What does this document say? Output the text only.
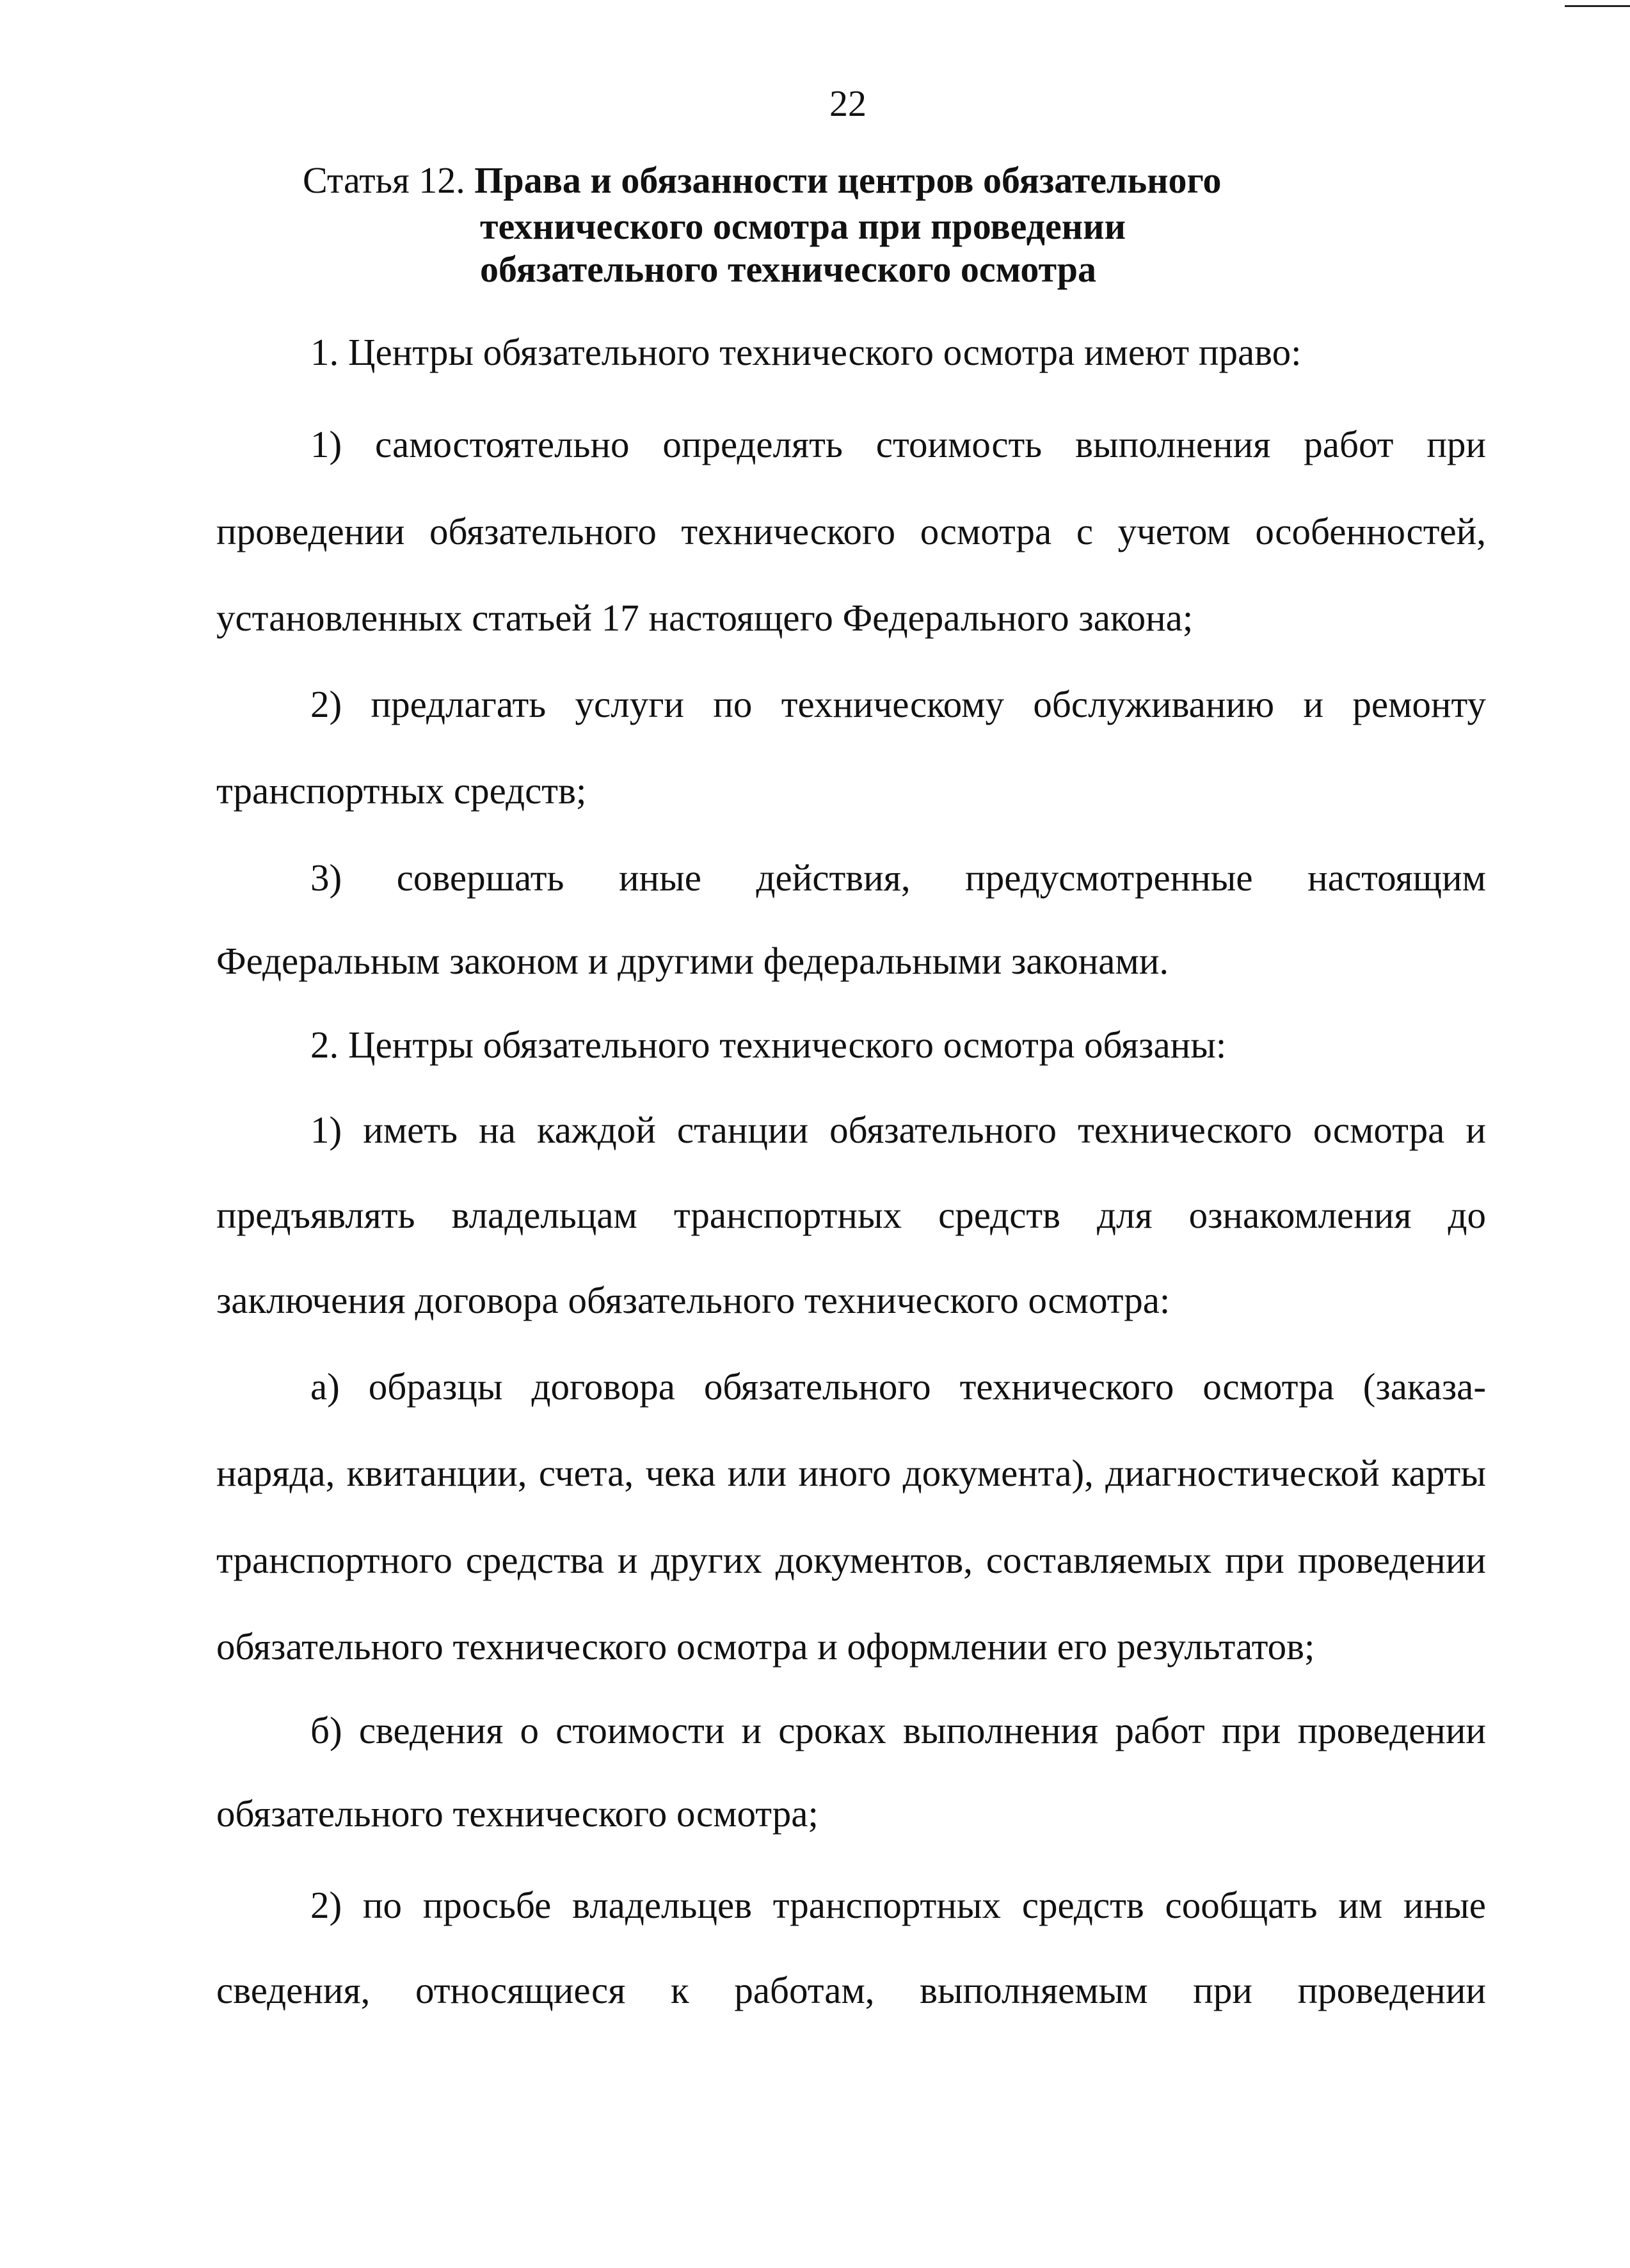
22
Статья 12. Права и обязанности центров обязательного
технического осмотра при проведении
обязательного технического осмотра
1. Центры обязательного технического осмотра имеют право:
1) самостоятельно определять стоимость выполнения работ при
проведении обязательного технического осмотра с учетом особенностей,
установленных статьей 17 настоящего Федерального закона;
2) предлагать услуги по техническому обслуживанию и ремонту
транспортных средств;
3) совершать иные действия, предусмотренные настоящим
Федеральным законом и другими федеральными законами.
2. Центры обязательного технического осмотра обязаны:
1) иметь на каждой станции обязательного технического осмотра и
предъявлять владельцам транспортных средств для ознакомления до
заключения договора обязательного технического осмотра:
а) образцы договора обязательного технического осмотра (заказа-
наряда, квитанции, счета, чека или иного документа), диагностической карты
транспортного средства и других документов, составляемых при проведении
обязательного технического осмотра и оформлении его результатов;
б) сведения о стоимости и сроках выполнения работ при проведении
обязательного технического осмотра;
2) по просьбе владельцев транспортных средств сообщать им иные
сведения, относящиеся к работам, выполняемым при проведении
